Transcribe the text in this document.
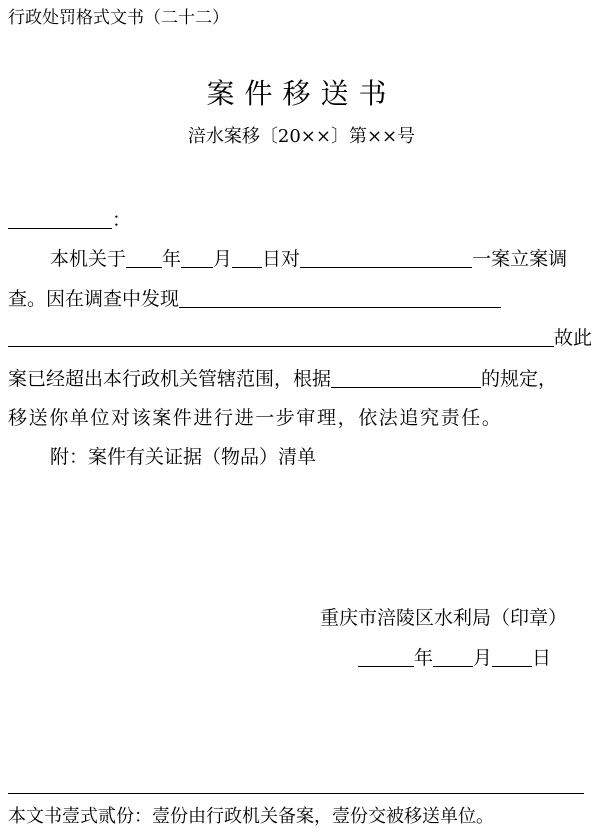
行政处罚格式文书（二十二）
案件移送书
涪水案移〔20××〕第××号
：
本机关于 年 月 日对	一案立案调
查。因在调查中发现
故此
案已经超出本行政机关管辖范围，根据	的规定，
移送你单位对该案件进行进一步审理，依法追究责任。
附：案件有关证据（物品）清单
重庆市涪陵区水利局（印章）
年 月 日
本文书壹式贰份：壹份由行政机关备案，壹份交被移送单位。
